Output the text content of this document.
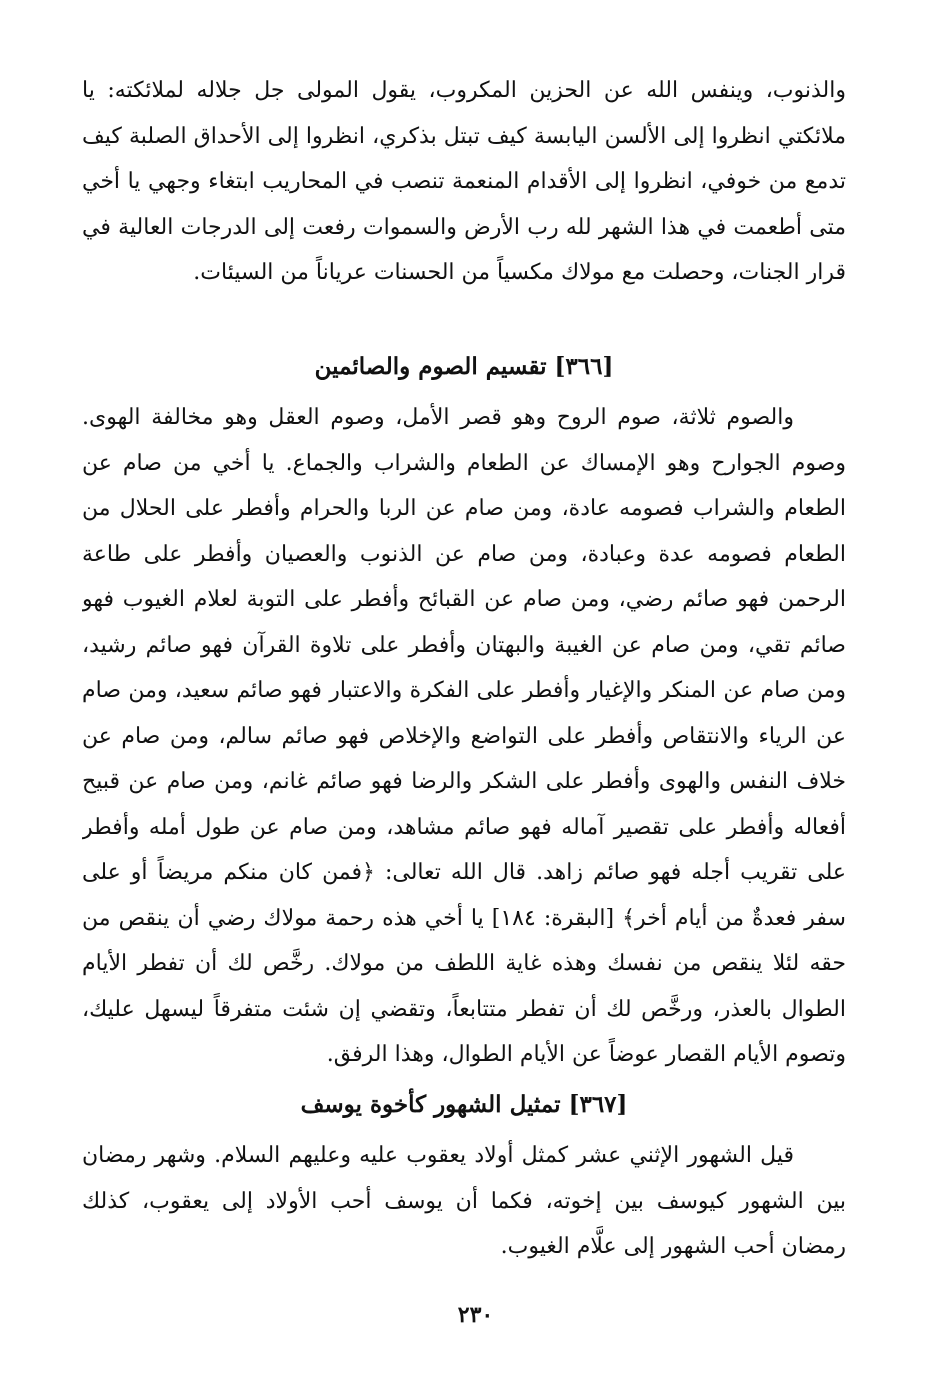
والذنوب، وينفس الله عن الحزين المكروب، يقول المولى جل جلاله لملائكته: يا ملائكتي انظروا إلى الألسن اليابسة كيف تبتل بذكري، انظروا إلى الأحداق الصلبة كيف تدمع من خوفي، انظروا إلى الأقدام المنعمة تنصب في المحاريب ابتغاء وجهي يا أخي متى أطعمت في هذا الشهر لله رب الأرض والسموات رفعت إلى الدرجات العالية في قرار الجنات، وحصلت مع مولاك مكسياً من الحسنات عرياناً من السيئات.

[٣٦٦] تقسيم الصوم والصائمين

والصوم ثلاثة، صوم الروح وهو قصر الأمل، وصوم العقل وهو مخالفة الهوى. وصوم الجوارح وهو الإمساك عن الطعام والشراب والجماع. يا أخي من صام عن الطعام والشراب فصومه عادة، ومن صام عن الربا والحرام وأفطر على الحلال من الطعام فصومه عدة وعبادة، ومن صام عن الذنوب والعصيان وأفطر على طاعة الرحمن فهو صائم رضي، ومن صام عن القبائح وأفطر على التوبة لعلام الغيوب فهو صائم تقي، ومن صام عن الغيبة والبهتان وأفطر على تلاوة القرآن فهو صائم رشيد، ومن صام عن المنكر والإغيار وأفطر على الفكرة والاعتبار فهو صائم سعيد، ومن صام عن الرياء والانتقاص وأفطر على التواضع والإخلاص فهو صائم سالم، ومن صام عن خلاف النفس والهوى وأفطر على الشكر والرضا فهو صائم غانم، ومن صام عن قبيح أفعاله وأفطر على تقصير آماله فهو صائم مشاهد، ومن صام عن طول أمله وأفطر على تقريب أجله فهو صائم زاهد. قال الله تعالى: ﴿فمن كان منكم مريضاً أو على سفر فعدةٌ من أيام أخر﴾ [البقرة: ١٨٤] يا أخي هذه رحمة مولاك رضي أن ينقص من حقه لئلا ينقص من نفسك وهذه غاية اللطف من مولاك. رخَّص لك أن تفطر الأيام الطوال بالعذر، ورخَّص لك أن تفطر متتابعاً، وتقضي إن شئت متفرقاً ليسهل عليك، وتصوم الأيام القصار عوضاً عن الأيام الطوال، وهذا الرفق.

[٣٦٧] تمثيل الشهور كأخوة يوسف

قيل الشهور الإثني عشر كمثل أولاد يعقوب عليه وعليهم السلام. وشهر رمضان بين الشهور كيوسف بين إخوته، فكما أن يوسف أحب الأولاد إلى يعقوب، كذلك رمضان أحب الشهور إلى علَّام الغيوب.

٢٣٠
